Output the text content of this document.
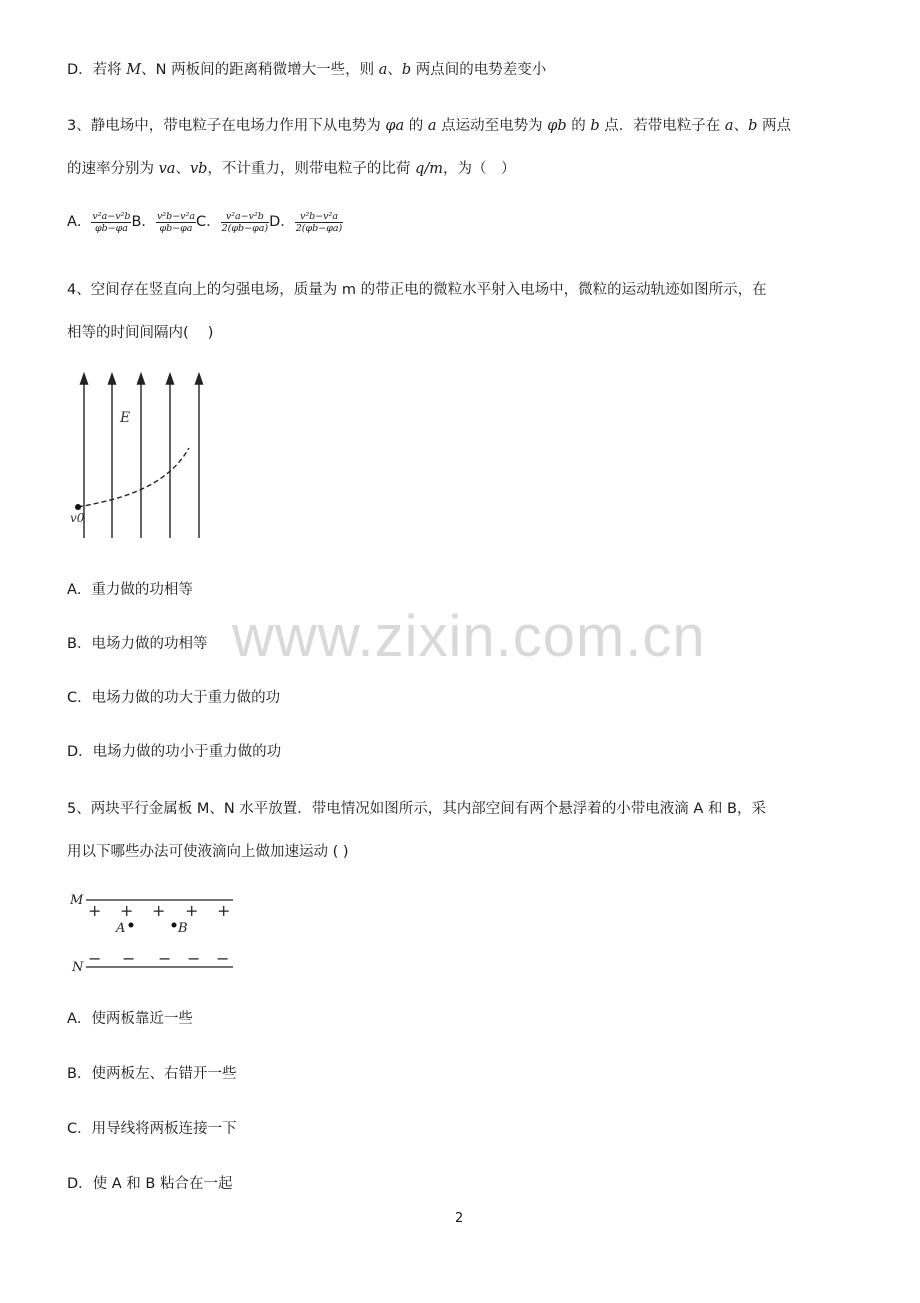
D．若将 M、N 两板间的距离稍微增大一些，则 a、b 两点间的电势差变小
3、静电场中，带电粒子在电场力作用下从电势为 φa 的 a 点运动至电势为 φb 的 b 点．若带电粒子在 a、b 两点
的速率分别为 va、vb，不计重力，则带电粒子的比荷 q/m，为（　）
A． $\frac{\text{v²a−v²b}}{\varphi b-\varphi a}$ B． $\frac{\text{v²b−v²a}}{\varphi b-\varphi a}$ C． $\frac{\text{v²a−v²b}}{2(\varphi b-\varphi a)}$ D． $\frac{\text{v²b−v²a}}{2(\varphi b-\varphi a)}$
4、空间存在竖直向上的匀强电场，质量为 m 的带正电的微粒水平射入电场中，微粒的运动轨迹如图所示，在
相等的时间间隔内(　 )
E
v0
A．重力做的功相等
B．电场力做的功相等
C．电场力做的功大于重力做的功
D．电场力做的功小于重力做的功
5、两块平行金属板 M、N 水平放置．带电情况如图所示，其内部空间有两个悬浮着的小带电液滴 A 和 B，采
用以下哪些办法可使液滴向上做加速运动 ( )
M
+ + + + +
A	B
N − − − − −
A．使两板靠近一些
B．使两板左、右错开一些
C．用导线将两板连接一下
D．使 A 和 B 粘合在一起
www.zixin.com.cn
2
